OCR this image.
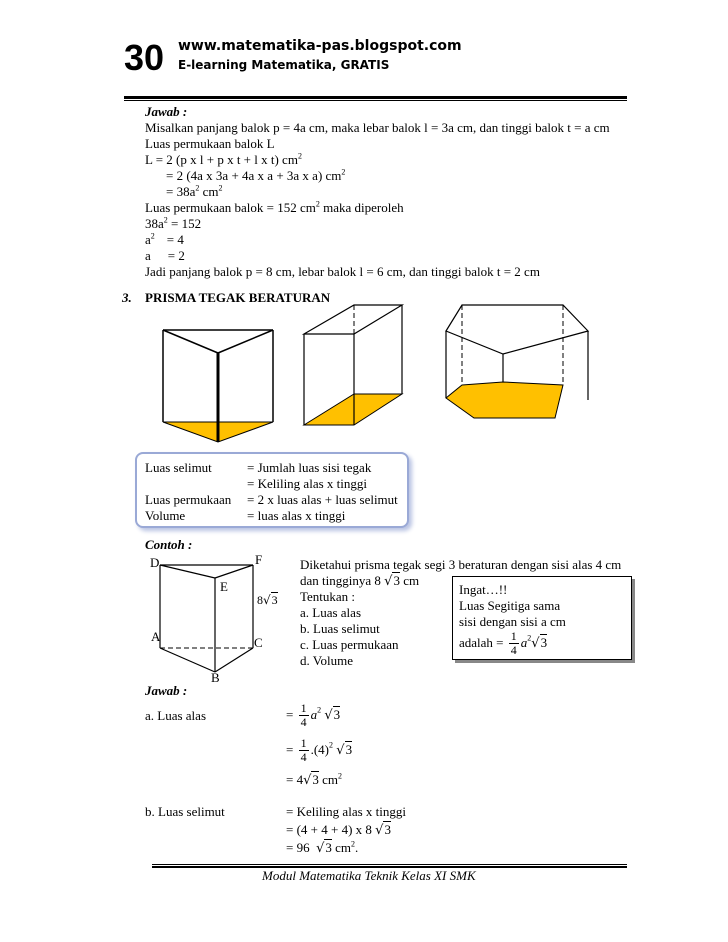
30 www.matematika-pas.blogspot.com
E-learning Matematika, GRATIS
Jawab :
Misalkan panjang balok p = 4a cm, maka lebar balok l = 3a cm, dan tinggi balok t = a cm
Luas permukaan balok L
L = 2 (p x l + p x t + l x t) $cm^2$
= 2 (4a x 3a + 4a x a + 3a x a) $cm^2$
= $38a^2$ $cm^2$
Luas permukaan balok = 152 $cm^2$ maka diperoleh
$38a^2 = 152$
$a^2 = 4$
a = 2
Jadi panjang balok p = 8 cm, lebar balok l = 6 cm, dan tinggi balok t = 2 cm
3. PRISMA TEGAK BERATURAN
Luas selimut	= Jumlah luas sisi tegak
= Keliling alas x tinggi
Luas permukaan = 2 x luas alas + luas selimut
Volume	= luas alas x tinggi
Contoh :
D	F
E
8√3
A	C
B
Diketahui prisma tegak segi 3 beraturan dengan sisi alas 4 cm
dan tingginya 8 √3 cm
Tentukan :
a. Luas alas
b. Luas selimut
c. Luas permukaan
d. Volume
Ingat…!!
Luas Segitiga sama
sisi dengan sisi a cm
adalah = $\frac{1}{4} a^2√3$
Jawab :
a. Luas alas	= $\frac{1}{4} a^2$ √3
= $\frac{1}{4} .(4)^2$ √3
= 4√3 $cm^2$
b. Luas selimut	= Keliling alas x tinggi
= (4 + 4 + 4) x 8 √3
= 96 √3 $cm^2$.
Modul Matematika Teknik Kelas XI SMK
